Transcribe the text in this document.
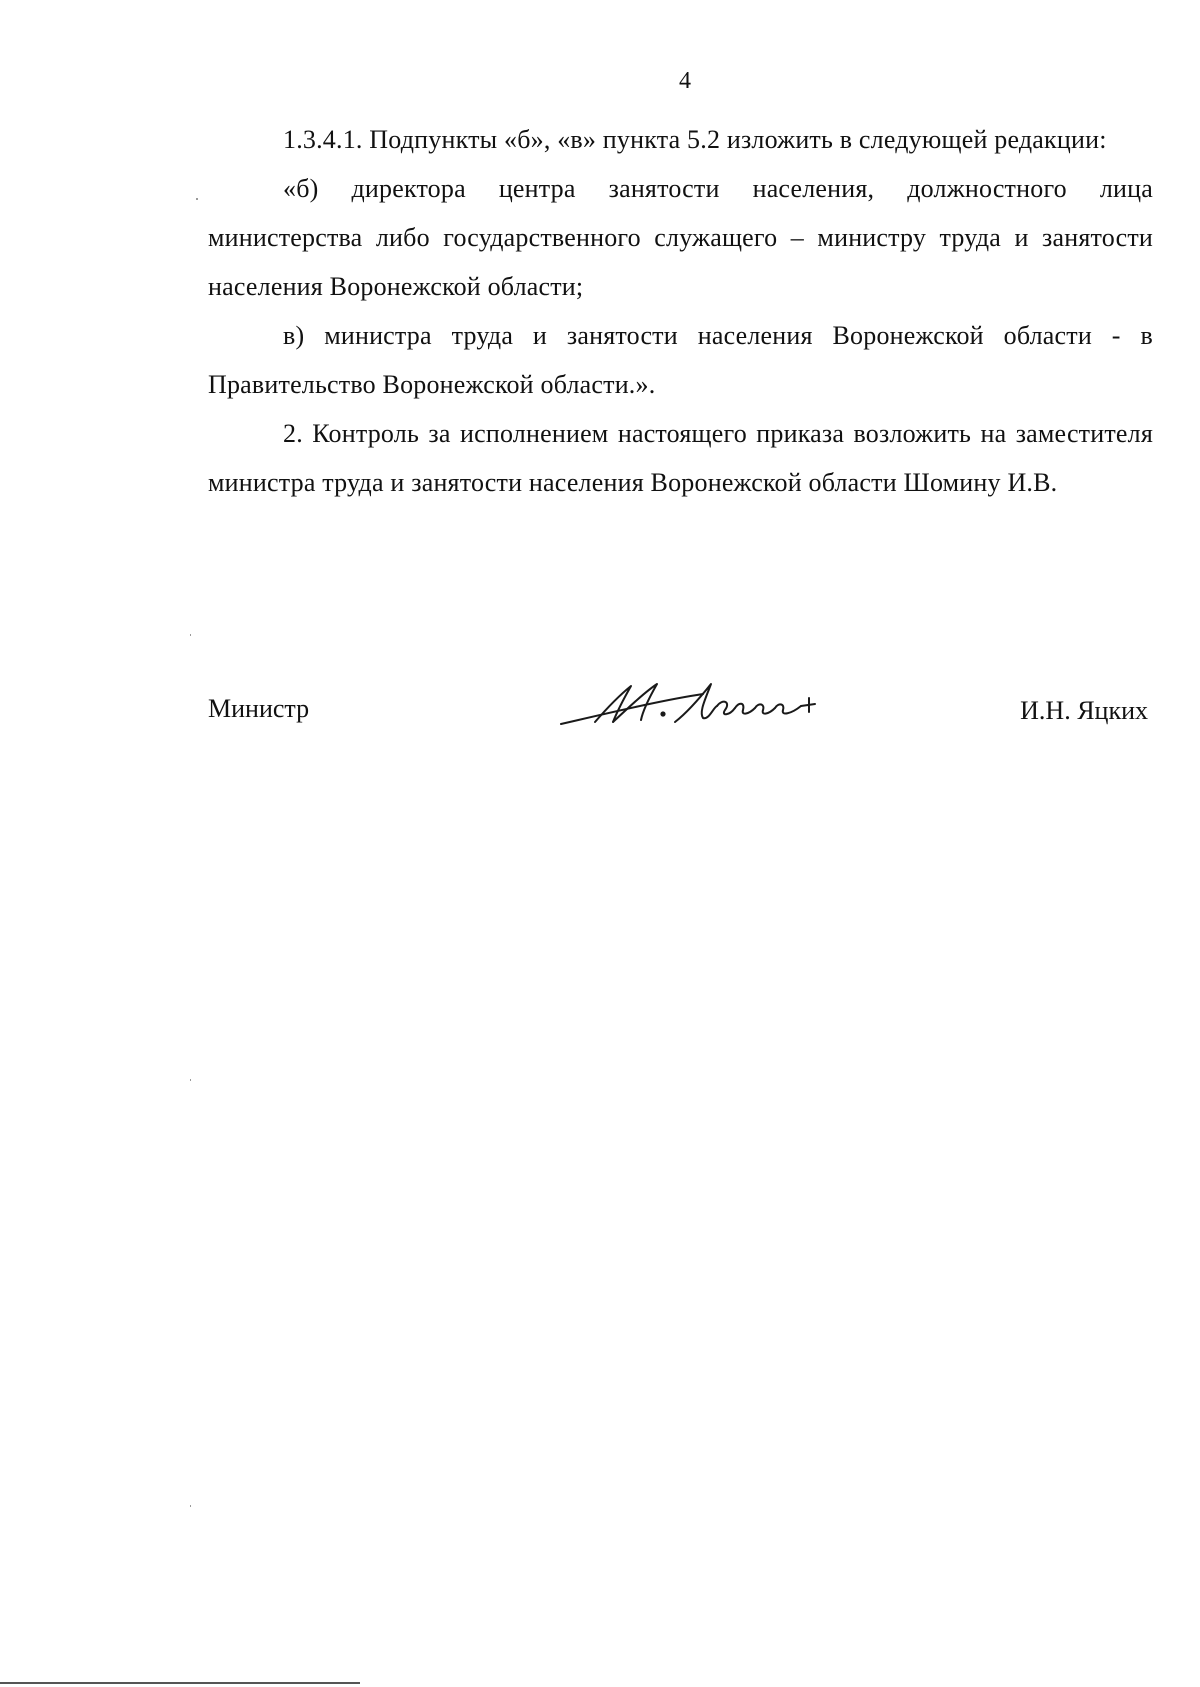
4

1.3.4.1. Подпункты «б», «в» пункта 5.2 изложить в следующей редакции:

«б) директора центра занятости населения, должностного лица министерства либо государственного служащего – министру труда и занятости населения Воронежской области;

в) министра труда и занятости населения Воронежской области - в Правительство Воронежской области.».

2. Контроль за исполнением настоящего приказа возложить на заместителя министра труда и занятости населения Воронежской области Шомину И.В.

Министр	И.Н. Яцких
